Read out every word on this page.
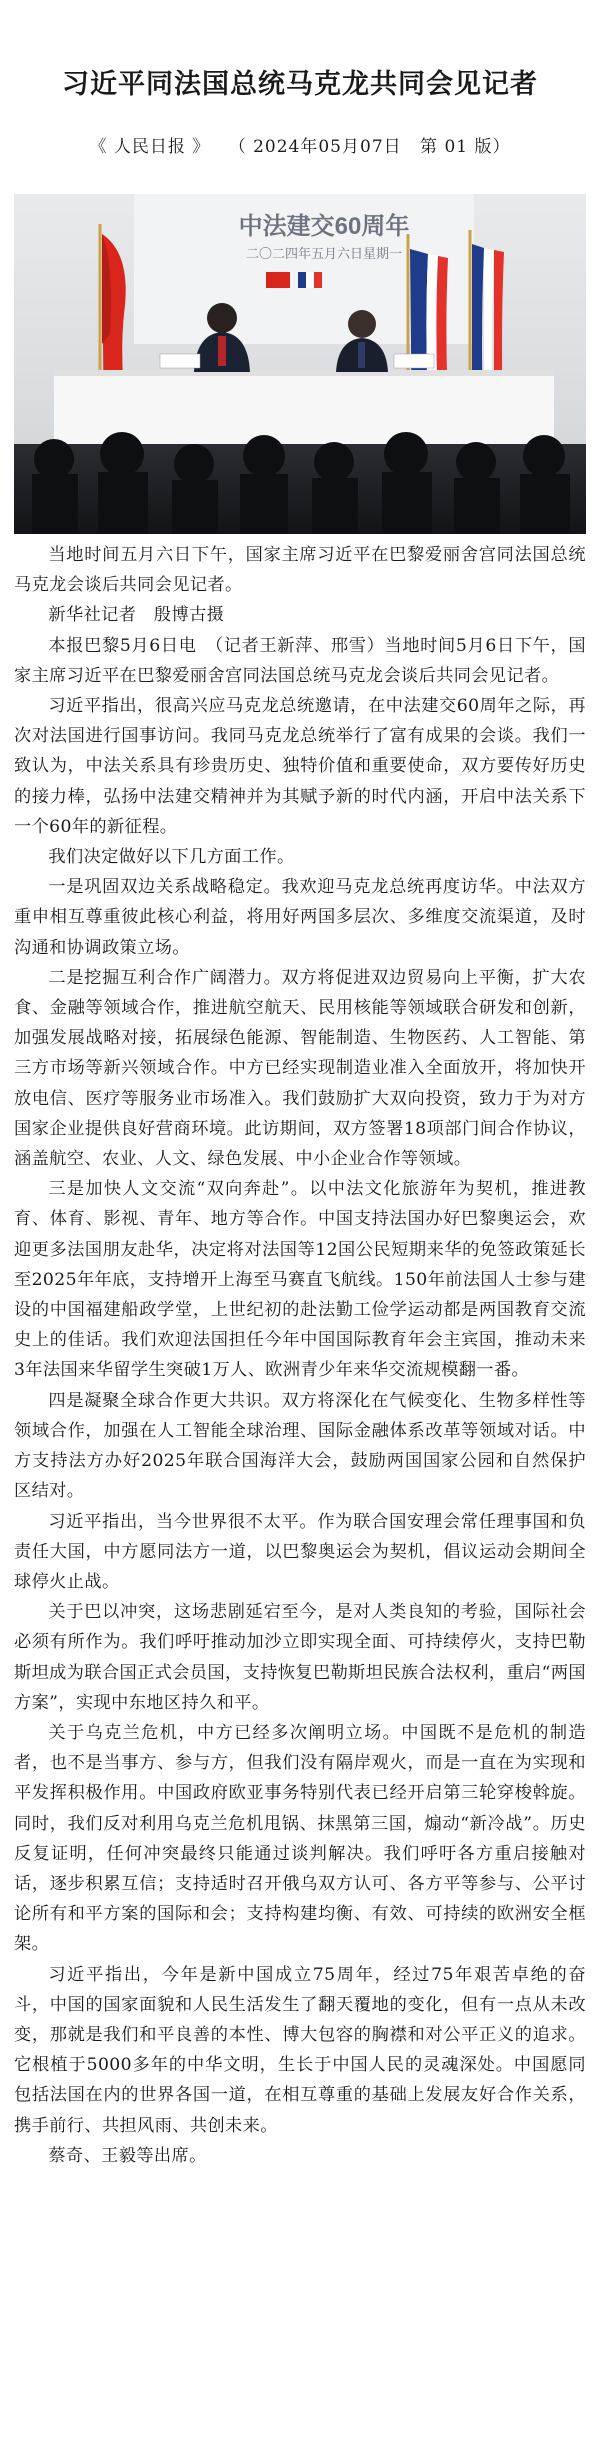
习近平同法国总统马克龙共同会见记者
《 人民日报 》 （ 2024年05月07日 第 01 版）
中法建交60周年
二〇二四年五月六日星期一

当地时间五月六日下午，国家主席习近平在巴黎爱丽舍宫同法国总统马克龙会谈后共同会见记者。

新华社记者　殷博古摄

本报巴黎5月6日电　（记者王新萍、邢雪）当地时间5月6日下午，国家主席习近平在巴黎爱丽舍宫同法国总统马克龙会谈后共同会见记者。

习近平指出，很高兴应马克龙总统邀请，在中法建交60周年之际，再次对法国进行国事访问。我同马克龙总统举行了富有成果的会谈。我们一致认为，中法关系具有珍贵历史、独特价值和重要使命，双方要传好历史的接力棒，弘扬中法建交精神并为其赋予新的时代内涵，开启中法关系下一个60年的新征程。

我们决定做好以下几方面工作。

一是巩固双边关系战略稳定。我欢迎马克龙总统再度访华。中法双方重申相互尊重彼此核心利益，将用好两国多层次、多维度交流渠道，及时沟通和协调政策立场。

二是挖掘互利合作广阔潜力。双方将促进双边贸易向上平衡，扩大农食、金融等领域合作，推进航空航天、民用核能等领域联合研发和创新，加强发展战略对接，拓展绿色能源、智能制造、生物医药、人工智能、第三方市场等新兴领域合作。中方已经实现制造业准入全面放开，将加快开放电信、医疗等服务业市场准入。我们鼓励扩大双向投资，致力于为对方国家企业提供良好营商环境。此访期间，双方签署18项部门间合作协议，涵盖航空、农业、人文、绿色发展、中小企业合作等领域。

三是加快人文交流“双向奔赴”。以中法文化旅游年为契机，推进教育、体育、影视、青年、地方等合作。中国支持法国办好巴黎奥运会，欢迎更多法国朋友赴华，决定将对法国等12国公民短期来华的免签政策延长至2025年年底，支持增开上海至马赛直飞航线。150年前法国人士参与建设的中国福建船政学堂，上世纪初的赴法勤工俭学运动都是两国教育交流史上的佳话。我们欢迎法国担任今年中国国际教育年会主宾国，推动未来3年法国来华留学生突破1万人、欧洲青少年来华交流规模翻一番。

四是凝聚全球合作更大共识。双方将深化在气候变化、生物多样性等领域合作，加强在人工智能全球治理、国际金融体系改革等领域对话。中方支持法方办好2025年联合国海洋大会，鼓励两国国家公园和自然保护区结对。

习近平指出，当今世界很不太平。作为联合国安理会常任理事国和负责任大国，中方愿同法方一道，以巴黎奥运会为契机，倡议运动会期间全球停火止战。

关于巴以冲突，这场悲剧延宕至今，是对人类良知的考验，国际社会必须有所作为。我们呼吁推动加沙立即实现全面、可持续停火，支持巴勒斯坦成为联合国正式会员国，支持恢复巴勒斯坦民族合法权利，重启“两国方案”，实现中东地区持久和平。

关于乌克兰危机，中方已经多次阐明立场。中国既不是危机的制造者，也不是当事方、参与方，但我们没有隔岸观火，而是一直在为实现和平发挥积极作用。中国政府欧亚事务特别代表已经开启第三轮穿梭斡旋。同时，我们反对利用乌克兰危机甩锅、抹黑第三国，煽动“新冷战”。历史反复证明，任何冲突最终只能通过谈判解决。我们呼吁各方重启接触对话，逐步积累互信；支持适时召开俄乌双方认可、各方平等参与、公平讨论所有和平方案的国际和会；支持构建均衡、有效、可持续的欧洲安全框架。

习近平指出，今年是新中国成立75周年，经过75年艰苦卓绝的奋斗，中国的国家面貌和人民生活发生了翻天覆地的变化，但有一点从未改变，那就是我们和平良善的本性、博大包容的胸襟和对公平正义的追求。它根植于5000多年的中华文明，生长于中国人民的灵魂深处。中国愿同包括法国在内的世界各国一道，在相互尊重的基础上发展友好合作关系，携手前行、共担风雨、共创未来。

蔡奇、王毅等出席。
